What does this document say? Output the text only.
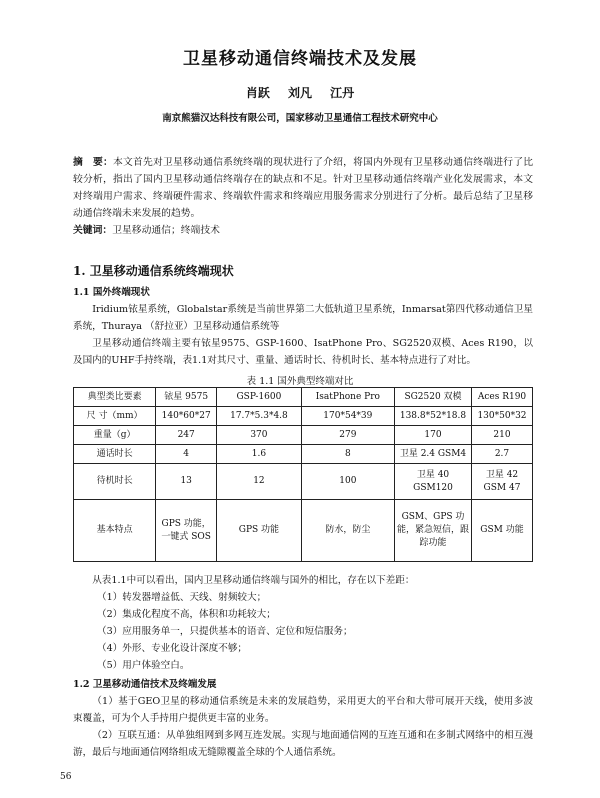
卫星移动通信终端技术及发展
肖跃 刘凡 江丹
南京熊猫汉达科技有限公司，国家移动卫星通信工程技术研究中心
摘　要：本文首先对卫星移动通信系统终端的现状进行了介绍，将国内外现有卫星移动通信终端进行了比较分析，指出了国内卫星移动通信终端存在的缺点和不足。针对卫星移动通信终端产业化发展需求，本文对终端用户需求、终端硬件需求、终端软件需求和终端应用服务需求分别进行了分析。最后总结了卫星移动通信终端未来发展的趋势。
关键词：卫星移动通信；终端技术
1. 卫星移动通信系统终端现状
1.1 国外终端现状
Iridium铱星系统，Globalstar系统是当前世界第二大低轨道卫星系统，Inmarsat第四代移动通信卫星系统，Thuraya （舒拉亚）卫星移动通信系统等
卫星移动通信终端主要有铱星9575、GSP-1600、IsatPhone Pro、SG2520双模、Aces R190，以及国内的UHF手持终端，表1.1对其尺寸、重量、通话时长、待机时长、基本特点进行了对比。
表 1.1 国外典型终端对比
典型类比要素	铱星 9575	GSP-1600	IsatPhone Pro	SG2520 双模	Aces R190
尺 寸（mm）	140*60*27	17.7*5.3*4.8	170*54*39	138.8*52*18.8	130*50*32
重量（g）	247	370	279	170	210
通话时长	4	1.6	8	卫星 2.4 GSM4	2.7
待机时长	13	12	100	卫星 40 GSM120	卫星 42 GSM 47
基本特点	GPS 功能，一键式 SOS	GPS 功能	防水，防尘	GSM、GPS 功能，紧急短信，跟踪功能	GSM 功能
从表1.1中可以看出，国内卫星移动通信终端与国外的相比，存在以下差距：
（1）转发器增益低、天线、射频较大；
（2）集成化程度不高，体积和功耗较大；
（3）应用服务单一，只提供基本的语音、定位和短信服务；
（4）外形、专业化设计深度不够；
（5）用户体验空白。
1.2 卫星移动通信技术及终端发展
（1）基于GEO卫星的移动通信系统是未来的发展趋势，采用更大的平台和大带可展开天线，使用多波束覆盖，可为个人手持用户提供更丰富的业务。
（2）互联互通：从单独组网到多网互连发展。实现与地面通信网的互连互通和在多制式网络中的相互漫游，最后与地面通信网络组成无缝隙覆盖全球的个人通信系统。
56
